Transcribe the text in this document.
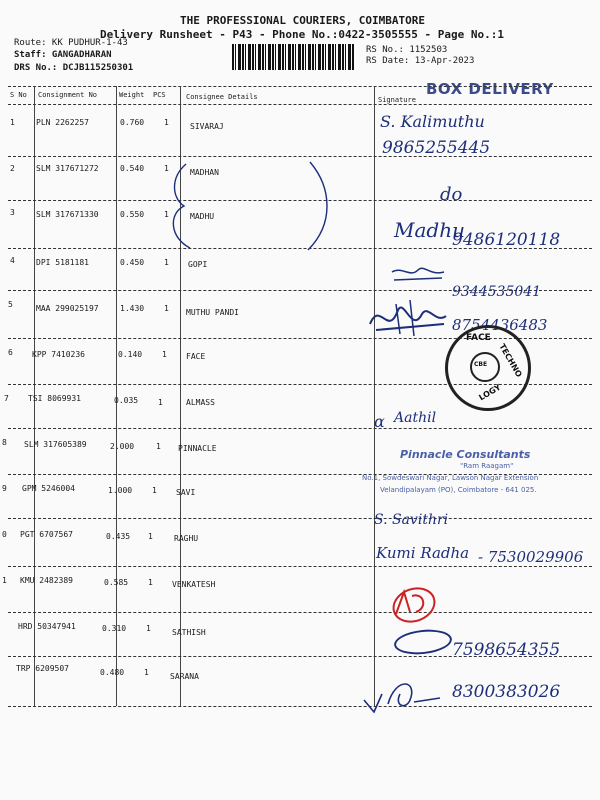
THE PROFESSIONAL COURIERS, COIMBATORE
Delivery Runsheet - P43 - Phone No.:0422-3505555 - Page No.:1
Route: KK PUDHUR-1-43
Staff: GANGADHARAN
DRS No.: DCJB115250301
RS No.: 1152503
RS Date: 13-Apr-2023
BOX DELIVERY
S No Consignment No	Weight PCS	Consignee Details	Signature
1	PLN 2262257	0.760 1	SIVARAJ
2	SLM 317671272	0.540 1	MADHAN
3	SLM 317671330	0.550 1	MADHU
4	DPI 5181181	0.450 1 GOPI
5	MAA 299025197	1.430 1 MUTHU PANDI
6 KPP 7410236	0.140 1 FACE
7 TSI 8069931	0.035 1	ALMASS
8 SLM 317605389	2.000	1 PINNACLE
9 GPM 5246004	1.000 1 SAVI
0 PGT 6707567	0.435 1	RAGHU
1 KMU 2482389	0.585 1 VENKATESH
HRD 50347941	0.310 1	SATHISH
TRP 6209507	0.480 1	SARANA
S. Kalimuthu
9865255445
do
Madhu
9486120118
9344535041
8754436483
FACE
TECHNO
LOGY
CBE
α Aathil
Pinnacle Consultants
"Ram Raagam"
No.1, Sowdeswari Nagar, Lawson Nagar Extension
Velandipalayam (PO), Coimbatore - 641 025.
S. Savithri
Kumi Radha - 7530029906
7598654355
8300383026
